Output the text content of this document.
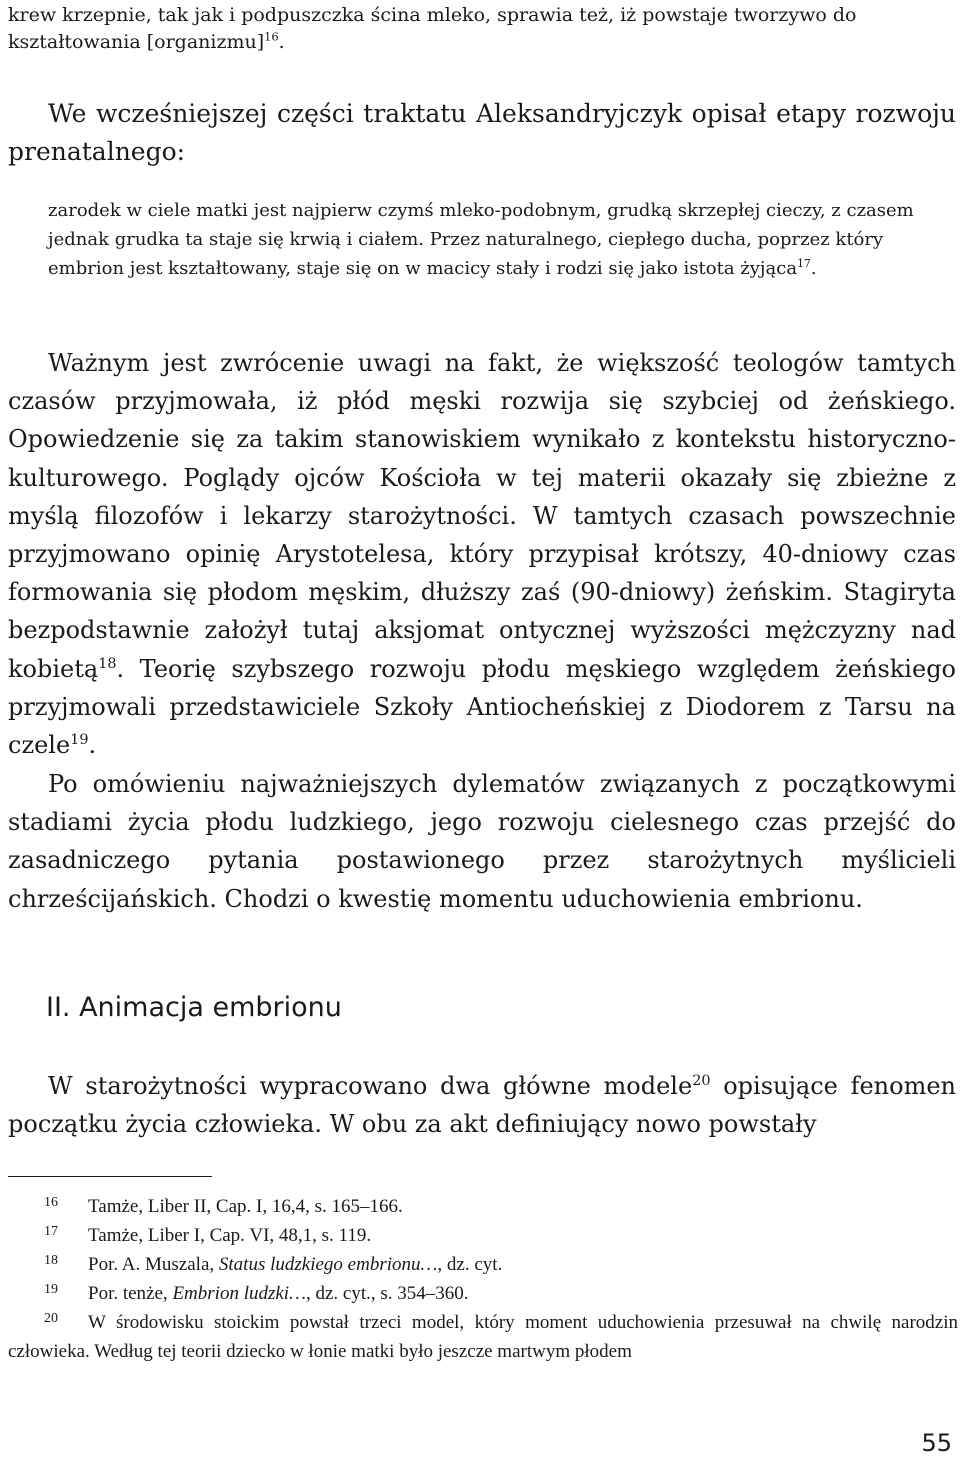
krew krzepnie, tak jak i podpuszczka ścina mleko, sprawia też, iż powstaje tworzywo do kształtowania [organizmu]$^{16}$.

We wcześniejszej części traktatu Aleksandryjczyk opisał etapy rozwoju prenatalnego:

zarodek w ciele matki jest najpierw czymś mleko-podobnym, grudką skrzepłej cieczy, z czasem jednak grudka ta staje się krwią i ciałem. Przez naturalnego, ciepłego ducha, poprzez który embrion jest kształtowany, staje się on w macicy stały i rodzi się jako istota żyjąca$^{17}$.

Ważnym jest zwrócenie uwagi na fakt, że większość teologów tamtych czasów przyjmowała, iż płód męski rozwija się szybciej od żeńskiego. Opowiedzenie się za takim stanowiskiem wynikało z kontekstu historyczno-kulturowego. Poglądy ojców Kościoła w tej materii okazały się zbieżne z myślą filozofów i lekarzy starożytności. W tamtych czasach powszechnie przyjmowano opinię Arystotelesa, który przypisał krótszy, 40-dniowy czas formowania się płodom męskim, dłuższy zaś (90-dniowy) żeńskim. Stagiryta bezpodstawnie założył tutaj aksjomat ontycznej wyższości mężczyzny nad kobietą$^{18}$. Teorię szybszego rozwoju płodu męskiego względem żeńskiego przyjmowali przedstawiciele Szkoły Antiocheńskiej z Diodorem z Tarsu na czele$^{19}$.

Po omówieniu najważniejszych dylematów związanych z początkowymi stadiami życia płodu ludzkiego, jego rozwoju cielesnego czas przejść do zasadniczego pytania postawionego przez starożytnych myślicieli chrześcijańskich. Chodzi o kwestię momentu uduchowienia embrionu.

II. Animacja embrionu

W starożytności wypracowano dwa główne modele$^{20}$ opisujące fenomen początku życia człowieka. W obu za akt definiujący nowo powstały

16 Tamże, Liber II, Cap. I, 16,4, s. 165–166.

17 Tamże, Liber I, Cap. VI, 48,1, s. 119.

18 Por. A. Muszala, Status ludzkiego embrionu…, dz. cyt.

19 Por. tenże, Embrion ludzki…, dz. cyt., s. 354–360.

20 W środowisku stoickim powstał trzeci model, który moment uduchowienia przesuwał na chwilę narodzin człowieka. Według tej teorii dziecko w łonie matki było jeszcze martwym płodem

55
